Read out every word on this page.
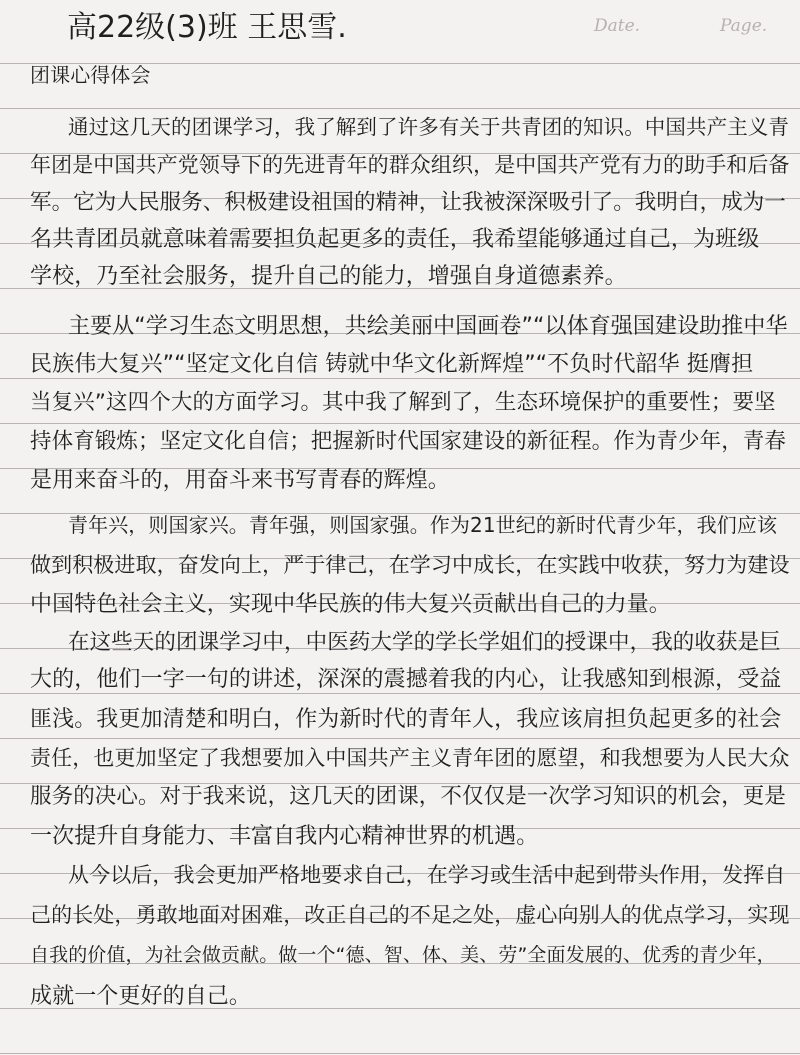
Date.	Page.
高22级(3)班 王思雪.
团课心得体会
通过这几天的团课学习，我了解到了许多有关于共青团的知识。中国共产主义青
年团是中国共产党领导下的先进青年的群众组织，是中国共产党有力的助手和后备
军。它为人民服务、积极建设祖国的精神，让我被深深吸引了。我明白，成为一
名共青团员就意味着需要担负起更多的责任，我希望能够通过自己，为班级
学校，乃至社会服务，提升自己的能力，增强自身道德素养。
主要从“学习生态文明思想，共绘美丽中国画卷”“以体育强国建设助推中华
民族伟大复兴”“坚定文化自信 铸就中华文化新辉煌”“不负时代韶华 挺膺担
当复兴”这四个大的方面学习。其中我了解到了，生态环境保护的重要性；要坚
持体育锻炼；坚定文化自信；把握新时代国家建设的新征程。作为青少年，青春
是用来奋斗的，用奋斗来书写青春的辉煌。
青年兴，则国家兴。青年强，则国家强。作为21世纪的新时代青少年，我们应该
做到积极进取，奋发向上，严于律己，在学习中成长，在实践中收获，努力为建设
中国特色社会主义，实现中华民族的伟大复兴贡献出自己的力量。
在这些天的团课学习中，中医药大学的学长学姐们的授课中，我的收获是巨
大的，他们一字一句的讲述，深深的震撼着我的内心，让我感知到根源，受益
匪浅。我更加清楚和明白，作为新时代的青年人，我应该肩担负起更多的社会
责任，也更加坚定了我想要加入中国共产主义青年团的愿望，和我想要为人民大众
服务的决心。对于我来说，这几天的团课，不仅仅是一次学习知识的机会，更是
一次提升自身能力、丰富自我内心精神世界的机遇。
从今以后，我会更加严格地要求自己，在学习或生活中起到带头作用，发挥自
己的长处，勇敢地面对困难，改正自己的不足之处，虚心向别人的优点学习，实现
自我的价值，为社会做贡献。做一个“德、智、体、美、劳”全面发展的、优秀的青少年，
成就一个更好的自己。
